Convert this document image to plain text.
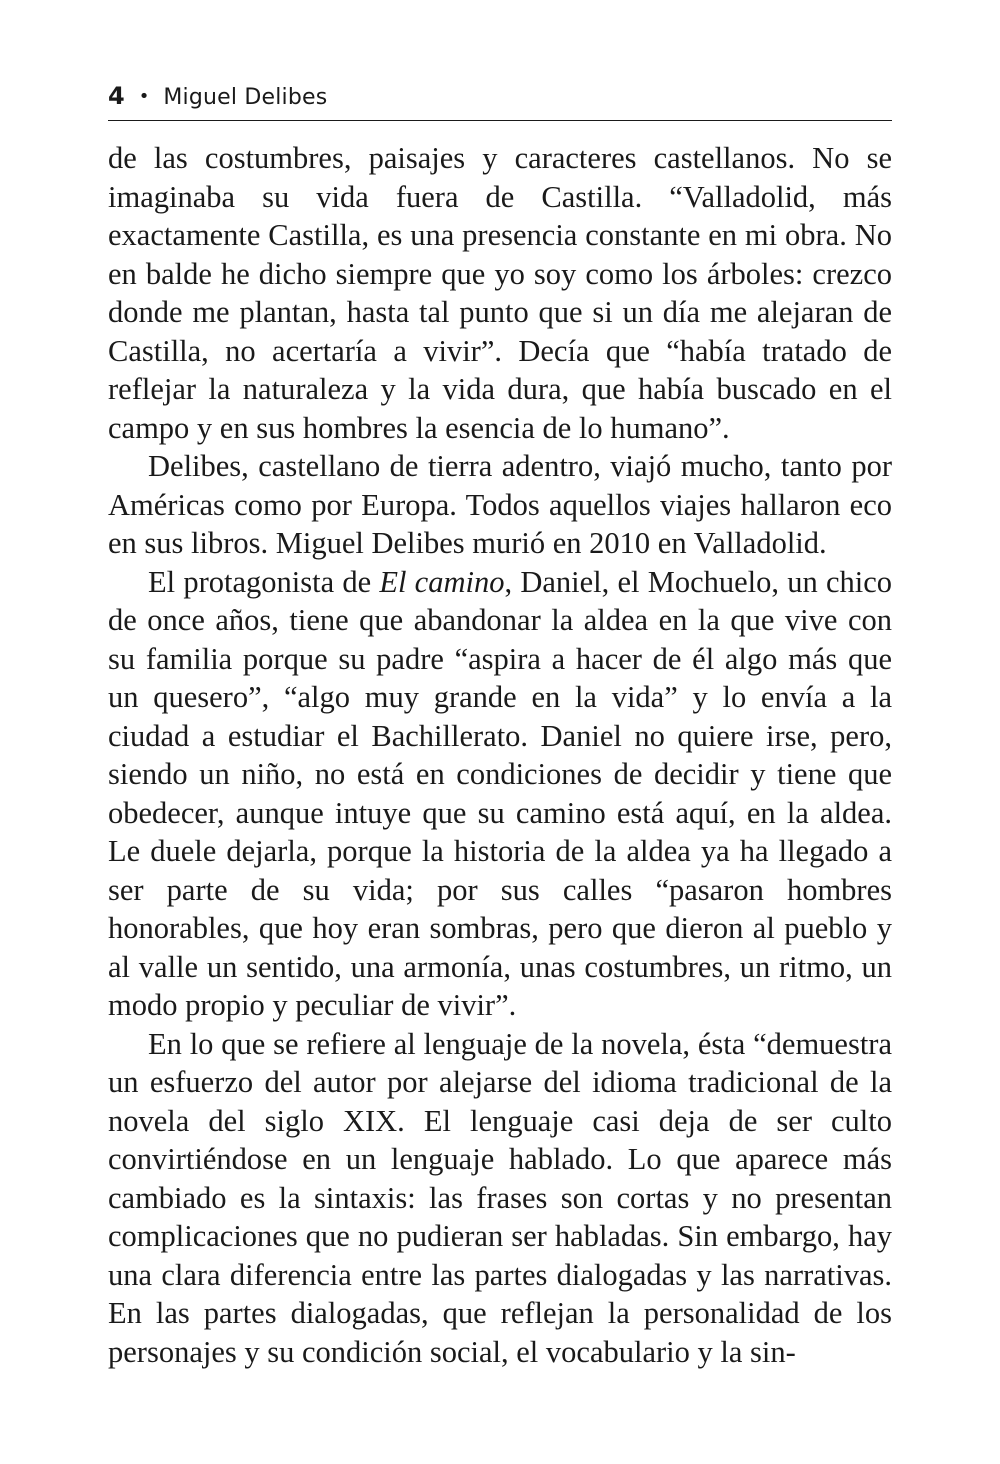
4 • Miguel Delibes

de las costumbres, paisajes y caracteres castellanos. No se imaginaba su vida fuera de Castilla. “Valladolid, más exactamente Castilla, es una presencia constante en mi obra. No en balde he dicho siempre que yo soy como los árboles: crezco donde me plantan, hasta tal punto que si un día me alejaran de Castilla, no acertaría a vivir”. Decía que “había tratado de reflejar la naturaleza y la vida dura, que había buscado en el campo y en sus hombres la esencia de lo humano”.

Delibes, castellano de tierra adentro, viajó mucho, tanto por Américas como por Europa. Todos aquellos viajes hallaron eco en sus libros. Miguel Delibes murió en 2010 en Valladolid.

El protagonista de El camino, Daniel, el Mochuelo, un chico de once años, tiene que abandonar la aldea en la que vive con su familia porque su padre “aspira a hacer de él algo más que un quesero”, “algo muy grande en la vida” y lo envía a la ciudad a estudiar el Bachillerato. Daniel no quiere irse, pero, siendo un niño, no está en condiciones de decidir y tiene que obedecer, aunque intuye que su camino está aquí, en la aldea. Le duele dejarla, porque la historia de la aldea ya ha llegado a ser parte de su vida; por sus calles “pasaron hombres honorables, que hoy eran sombras, pero que dieron al pueblo y al valle un sentido, una armonía, unas costumbres, un ritmo, un modo propio y peculiar de vivir”.

En lo que se refiere al lenguaje de la novela, ésta “demuestra un esfuerzo del autor por alejarse del idioma tradicional de la novela del siglo XIX. El lenguaje casi deja de ser culto convirtiéndose en un lenguaje hablado. Lo que aparece más cambiado es la sintaxis: las frases son cortas y no presentan complicaciones que no pudieran ser habladas. Sin embargo, hay una clara diferencia entre las partes dialogadas y las narrativas. En las partes dialogadas, que reflejan la personalidad de los personajes y su condición social, el vocabulario y la sin-
